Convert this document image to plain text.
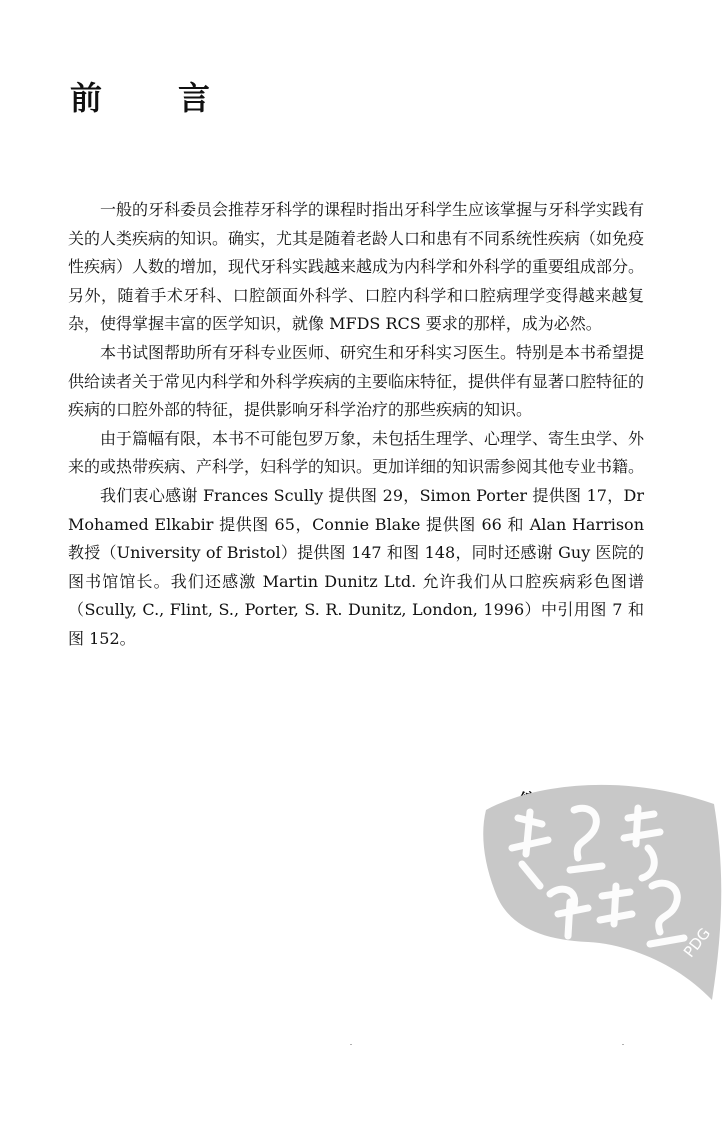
前　言

一般的牙科委员会推荐牙科学的课程时指出牙科学生应该掌握与牙科学实践有关的人类疾病的知识。确实，尤其是随着老龄人口和患有不同系统性疾病（如免疫性疾病）人数的增加，现代牙科实践越来越成为内科学和外科学的重要组成部分。另外，随着手术牙科、口腔颌面外科学、口腔内科学和口腔病理学变得越来越复杂，使得掌握丰富的医学知识，就像 MFDS RCS 要求的那样，成为必然。

本书试图帮助所有牙科专业医师、研究生和牙科实习医生。特别是本书希望提供给读者关于常见内科学和外科学疾病的主要临床特征，提供伴有显著口腔特征的疾病的口腔外部的特征，提供影响牙科学治疗的那些疾病的知识。

由于篇幅有限，本书不可能包罗万象，未包括生理学、心理学、寄生虫学、外来的或热带疾病、产科学，妇科学的知识。更加详细的知识需参阅其他专业书籍。

我们衷心感谢 Frances Scully 提供图 29，Simon Porter 提供图 17，Dr Mohamed Elkabir 提供图 65，Connie Blake 提供图 66 和 Alan Harrison 教授（University of Bristol）提供图 147 和图 148，同时还感谢 Guy 医院的图书馆馆长。我们还感激 Martin Dunitz Ltd. 允许我们从口腔疾病彩色图谱（Scully, C., Flint, S., Porter, S. R. Dunitz, London, 1996）中引用图 7 和图 152。

PDG
